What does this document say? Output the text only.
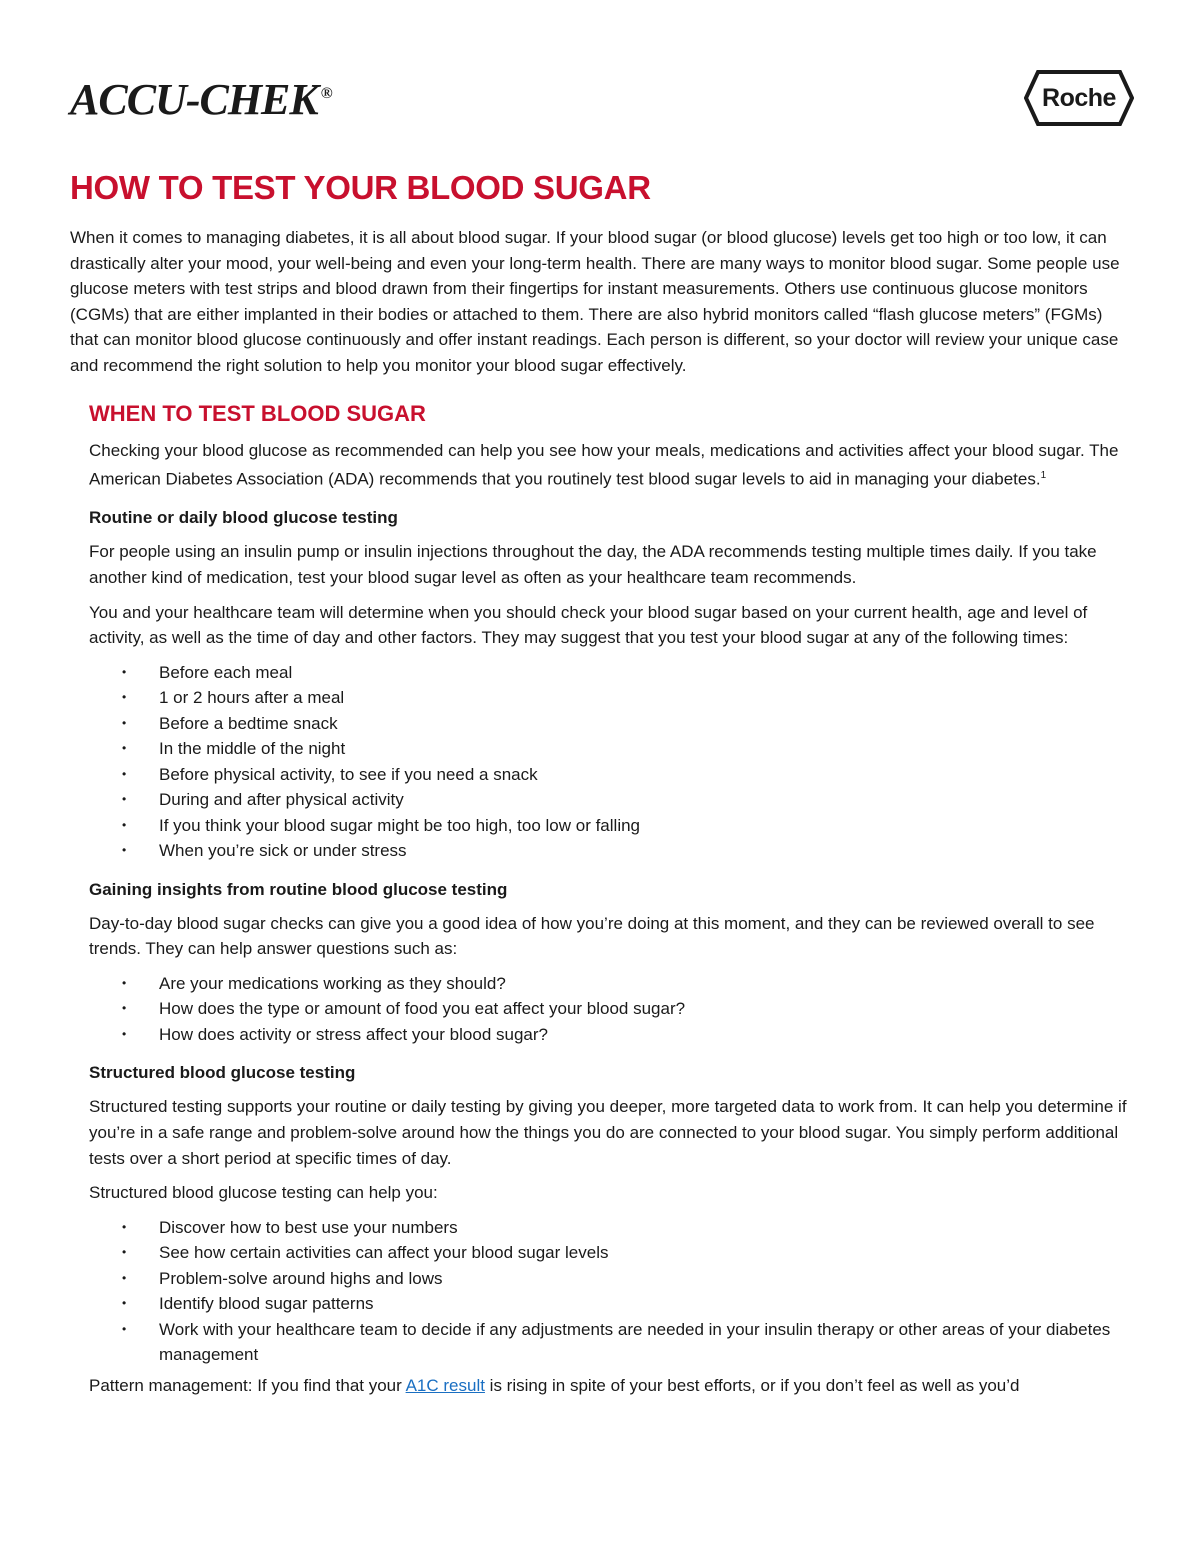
ACCU-CHEK ®	Roche
HOW TO TEST YOUR BLOOD SUGAR

When it comes to managing diabetes, it is all about blood sugar. If your blood sugar (or blood glucose) levels get too high or too low, it can drastically alter your mood, your well-being and even your long-term health. There are many ways to monitor blood sugar. Some people use glucose meters with test strips and blood drawn from their fingertips for instant measurements. Others use continuous glucose monitors (CGMs) that are either implanted in their bodies or attached to them. There are also hybrid monitors called “flash glucose meters” (FGMs) that can monitor blood glucose continuously and offer instant readings. Each person is different, so your doctor will review your unique case and recommend the right solution to help you monitor your blood sugar effectively.

WHEN TO TEST BLOOD SUGAR

Checking your blood glucose as recommended can help you see how your meals, medications and activities affect your blood sugar. The American Diabetes Association (ADA) recommends that you routinely test blood sugar levels to aid in managing your diabetes.$^1$

Routine or daily blood glucose testing

For people using an insulin pump or insulin injections throughout the day, the ADA recommends testing multiple times daily. If you take another kind of medication, test your blood sugar level as often as your healthcare team recommends.

You and your healthcare team will determine when you should check your blood sugar based on your current health, age and level of activity, as well as the time of day and other factors. They may suggest that you test your blood sugar at any of the following times:

• Before each meal
• 1 or 2 hours after a meal
• Before a bedtime snack
• In the middle of the night
• Before physical activity, to see if you need a snack
• During and after physical activity
• If you think your blood sugar might be too high, too low or falling
• When you’re sick or under stress
Gaining insights from routine blood glucose testing

Day-to-day blood sugar checks can give you a good idea of how you’re doing at this moment, and they can be reviewed overall to see trends. They can help answer questions such as:

• Are your medications working as they should?
• How does the type or amount of food you eat affect your blood sugar?
• How does activity or stress affect your blood sugar?
Structured blood glucose testing

Structured testing supports your routine or daily testing by giving you deeper, more targeted data to work from. It can help you determine if you’re in a safe range and problem-solve around how the things you do are connected to your blood sugar. You simply perform additional tests over a short period at specific times of day.

Structured blood glucose testing can help you:

• Discover how to best use your numbers
• See how certain activities can affect your blood sugar levels
• Problem-solve around highs and lows
• Identify blood sugar patterns
• Work with your healthcare team to decide if any adjustments are needed in your insulin therapy or other areas of your diabetes management

Pattern management: If you find that your A1C result is rising in spite of your best efforts, or if you don’t feel as well as you’d
